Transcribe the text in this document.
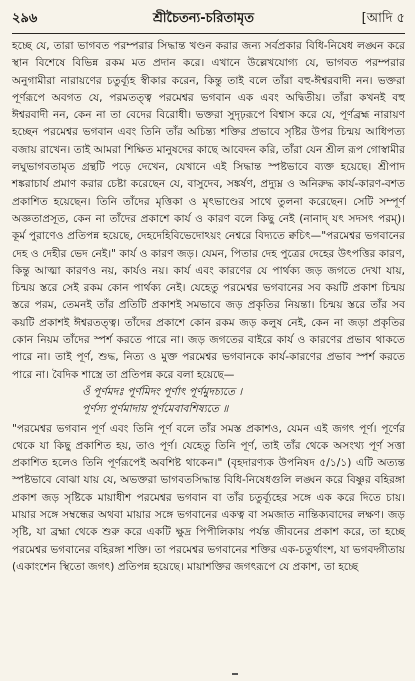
২৯৬	শ্রীচৈতন্য-চরিতামৃত	[আদি ৫

হচ্ছে যে, তারা ভাগবত পরম্পরার সিদ্ধান্ত খণ্ডন করার জন্য সর্বপ্রকার বিধি-নিষেধ লঙ্ঘন করে স্থান বিশেষে বিভিন্ন রকম মত প্রদান করে। এখানে উল্লেখযোগ্য যে, ভাগবত পরম্পরার অনুগামীরা নারায়ণের চতুর্ব্যূহ স্বীকার করেন, কিন্তু তাই বলে তাঁরা বহু-ঈশ্বরবাদী নন। ভক্তরা পূর্ণরূপে অবগত যে, পরমতত্ত্ব পরমেশ্বর ভগবান এক এবং অদ্বিতীয়। তাঁরা কখনই বহু ঈশ্বরবাদী নন, কেন না তা বেদের বিরোধী। ভক্তরা সুদৃঢ়রূপে বিশ্বাস করে যে, পূর্ণব্রহ্ম নারায়ণ হচ্ছেন পরমেশ্বর ভগবান এবং তিনি তাঁর অচিন্ত্য শক্তির প্রভাবে সৃষ্টির উপর চিন্ময় আধিপত্য বজায় রাখেন। তাই আমরা শিক্ষিত মানুষদের কাছে আবেদন করি, তাঁরা যেন শ্রীল রূপ গোস্বামীর লঘুভাগবতামৃত গ্রন্থটি পড়ে দেখেন, যেখানে এই সিদ্ধান্ত স্পষ্টভাবে ব্যক্ত হয়েছে। শ্রীপাদ শঙ্করাচার্য প্রমাণ করার চেষ্টা করেছেন যে, বাসুদেব, সঙ্কর্ষণ, প্রদ্যুম্ন ও অনিরুদ্ধ কার্য-কারণ-বশত প্রকাশিত হয়েছেন। তিনি তাঁদের মৃত্তিকা ও মৃৎভাণ্ডের সাথে তুলনা করেছেন। সেটি সম্পূর্ণ অজ্ঞতাপ্রসূত, কেন না তাঁদের প্রকাশে কার্য ও কারণ বলে কিছু নেই (নানাদ্ যৎ সদসৎ পরম্)। কূর্ম পুরাণেও প্রতিপন্ন হয়েছে, দেহদেহিবিভেদোঽয়ং নেশ্বরে বিদ্যতে ক্বচিৎ—"পরমেশ্বর ভগবানের দেহ ও দেহীর ভেদ নেই।" কার্য ও কারণ জড়। যেমন, পিতার দেহ পুত্রের দেহের উৎপত্তির কারণ, কিন্তু আত্মা কারণও নয়, কার্যও নয়। কার্য এবং কারণের যে পার্থক্য জড় জগতে দেখা যায়, চিন্ময় স্তরে সেই রকম কোন পার্থক্য নেই। যেহেতু পরমেশ্বর ভগবানের সব কয়টি প্রকাশ চিন্ময় স্তরে পরম, তেমনই তাঁর প্রতিটি প্রকাশই সমভাবে জড় প্রকৃতির নিয়ন্তা। চিন্ময় স্তরে তাঁর সব কয়টি প্রকাশই ঈশ্বরতত্ত্ব। তাঁদের প্রকাশে কোন রকম জড় কলুষ নেই, কেন না জড়া প্রকৃতির কোন নিয়ম তাঁদের স্পর্শ করতে পারে না। জড় জগতের বাইরে কার্য ও কারণের প্রভাব থাকতে পারে না। তাই পূর্ণ, শুদ্ধ, নিত্য ও মুক্ত পরমেশ্বর ভগবানকে কার্য-কারণের প্রভাব স্পর্শ করতে পারে না। বৈদিক শাস্ত্রে তা প্রতিপন্ন করে বলা হয়েছে—

ওঁ পূর্ণমদঃ পূর্ণমিদং পূর্ণাৎ পূর্ণমুদচ্যতে ।
পূর্ণস্য পূর্ণমাদায় পূর্ণমেবাবশিষ্যতে ॥

"পরমেশ্বর ভগবান পূর্ণ এবং তিনি পূর্ণ বলে তাঁর সমস্ত প্রকাশও, যেমন এই জগৎ পূর্ণ। পূর্ণের থেকে যা কিছু প্রকাশিত হয়, তাও পূর্ণ। যেহেতু তিনি পূর্ণ, তাই তাঁর থেকে অসংখ্য পূর্ণ সত্তা প্রকাশিত হলেও তিনি পূর্ণরূপেই অবশিষ্ট থাকেন।" (বৃহদারণ্যক উপনিষদ ৫/১/১) এটি অত্যন্ত স্পষ্টভাবে বোঝা যায় যে, অভক্তরা ভাগবতসিদ্ধান্ত বিধি-নিষেধগুলি লঙ্ঘন করে বিষ্ণুর বহিরঙ্গা প্রকাশ জড় সৃষ্টিকে মায়াধীশ পরমেশ্বর ভগবান বা তাঁর চতুর্ব্যূহের সঙ্গে এক করে দিতে চায়। মায়ার সঙ্গে সম্বন্ধের অথবা মায়ার সঙ্গে ভগবানের একত্ব বা সমজাত নান্তিক্যবাদের লক্ষণ। জড় সৃষ্টি, যা ব্রহ্মা থেকে শুরু করে একটি ক্ষুদ্র পিপীলিকায় পর্যন্ত জীবনের প্রকাশ করে, তা হচ্ছে পরমেশ্বর ভগবানের বহিরঙ্গা শক্তি। তা পরমেশ্বর ভগবানের শক্তির এক-চতুর্থাংশ, যা ভগবদ্গীতায় (একাংশেন স্থিতো জগৎ) প্রতিপন্ন হয়েছে। মায়াশক্তির জগৎরূপে যে প্রকাশ, তা হচ্ছে
